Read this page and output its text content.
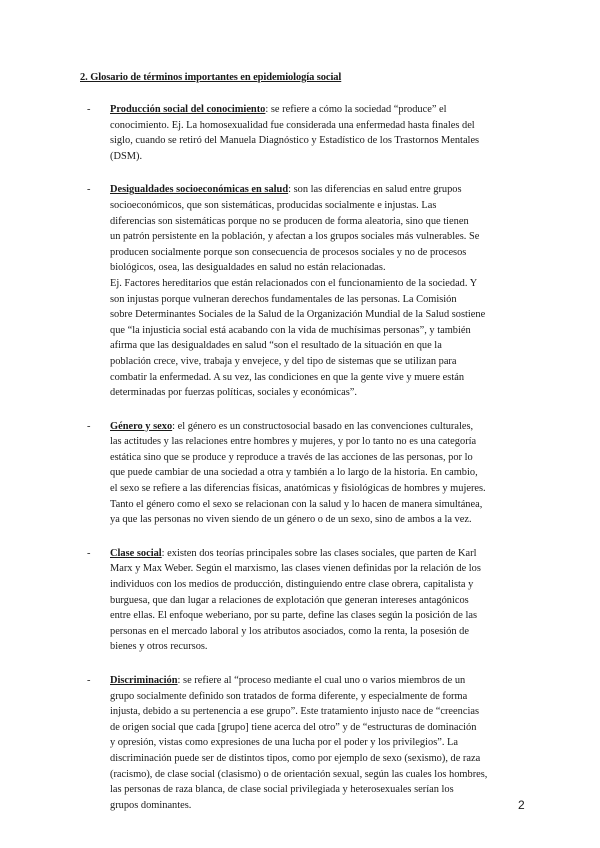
2. Glosario de términos importantes en epidemiología social
- Producción social del conocimiento: se refiere a cómo la sociedad “produce” el
conocimiento. Ej. La homosexualidad fue considerada una enfermedad hasta finales del
siglo, cuando se retiró del Manuela Diagnóstico y Estadístico de los Trastornos Mentales
(DSM).
- Desigualdades socioeconómicas en salud: son las diferencias en salud entre grupos
socioeconómicos, que son sistemáticas, producidas socialmente e injustas. Las
diferencias son sistemáticas porque no se producen de forma aleatoria, sino que tienen
un patrón persistente en la población, y afectan a los grupos sociales más vulnerables. Se
producen socialmente porque son consecuencia de procesos sociales y no de procesos
biológicos, osea, las desigualdades en salud no están relacionadas.
Ej. Factores hereditarios que están relacionados con el funcionamiento de la sociedad. Y
son injustas porque vulneran derechos fundamentales de las personas. La Comisión
sobre Determinantes Sociales de la Salud de la Organización Mundial de la Salud sostiene
que “la injusticia social está acabando con la vida de muchísimas personas”, y también
afirma que las desigualdades en salud “son el resultado de la situación en que la
población crece, vive, trabaja y envejece, y del tipo de sistemas que se utilizan para
combatir la enfermedad. A su vez, las condiciones en que la gente vive y muere están
determinadas por fuerzas políticas, sociales y económicas”.
- Género y sexo: el género es un constructosocial basado en las convenciones culturales,
las actitudes y las relaciones entre hombres y mujeres, y por lo tanto no es una categoría
estática sino que se produce y reproduce a través de las acciones de las personas, por lo
que puede cambiar de una sociedad a otra y también a lo largo de la historia. En cambio,
el sexo se refiere a las diferencias físicas, anatómicas y fisiológicas de hombres y mujeres.
Tanto el género como el sexo se relacionan con la salud y lo hacen de manera simultánea,
ya que las personas no viven siendo de un género o de un sexo, sino de ambos a la vez.
- Clase social: existen dos teorías principales sobre las clases sociales, que parten de Karl
Marx y Max Weber. Según el marxismo, las clases vienen definidas por la relación de los
individuos con los medios de producción, distinguiendo entre clase obrera, capitalista y
burguesa, que dan lugar a relaciones de explotación que generan intereses antagónicos
entre ellas. El enfoque weberiano, por su parte, define las clases según la posición de las
personas en el mercado laboral y los atributos asociados, como la renta, la posesión de
bienes y otros recursos.
- Discriminación: se refiere al “proceso mediante el cual uno o varios miembros de un
grupo socialmente definido son tratados de forma diferente, y especialmente de forma
injusta, debido a su pertenencia a ese grupo”. Este tratamiento injusto nace de “creencias
de origen social que cada [grupo] tiene acerca del otro” y de “estructuras de dominación
y opresión, vistas como expresiones de una lucha por el poder y los privilegios”. La
discriminación puede ser de distintos tipos, como por ejemplo de sexo (sexismo), de raza
(racismo), de clase social (clasismo) o de orientación sexual, según las cuales los hombres,
las personas de raza blanca, de clase social privilegiada y heterosexuales serían los
grupos dominantes.	2
